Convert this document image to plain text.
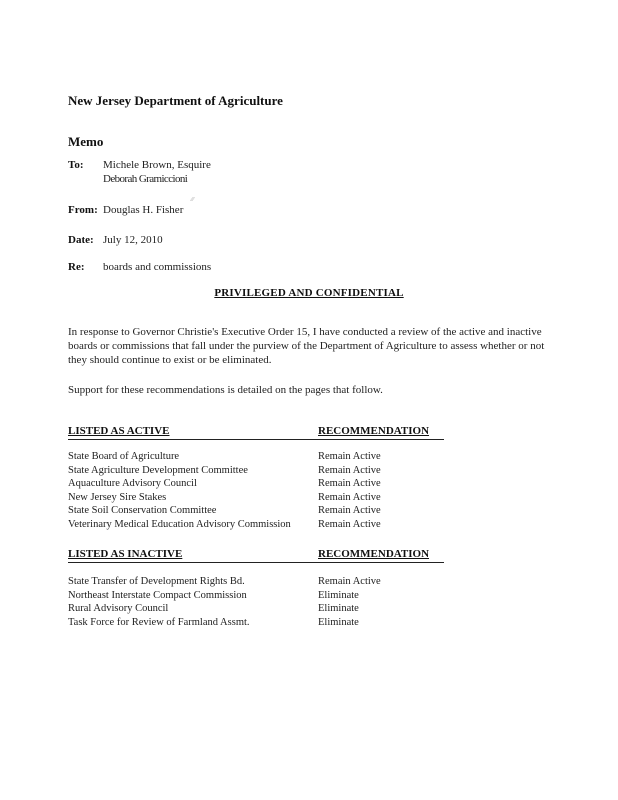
New Jersey Department of Agriculture
Memo
To: Michele Brown, Esquire
Deborah Gramiccioni
From: Douglas H. Fisher
⁄⁄⁄
Date: July 12, 2010
Re: boards and commissions
PRIVILEGED AND CONFIDENTIAL

In response to Governor Christie's Executive Order 15, I have conducted a review of the active and inactive boards or commissions that fall under the purview of the Department of Agriculture to assess whether or not they should continue to exist or be eliminated.

Support for these recommendations is detailed on the pages that follow.

LISTED AS ACTIVE	RECOMMENDATION
State Board of Agriculture	Remain Active
State Agriculture Development Committee	Remain Active
Aquaculture Advisory Council	Remain Active
New Jersey Sire Stakes	Remain Active
State Soil Conservation Committee	Remain Active
Veterinary Medical Education Advisory Commission	Remain Active
LISTED AS INACTIVE	RECOMMENDATION
State Transfer of Development Rights Bd.	Remain Active
Northeast Interstate Compact Commission	Eliminate
Rural Advisory Council	Eliminate
Task Force for Review of Farmland Assmt.	Eliminate
